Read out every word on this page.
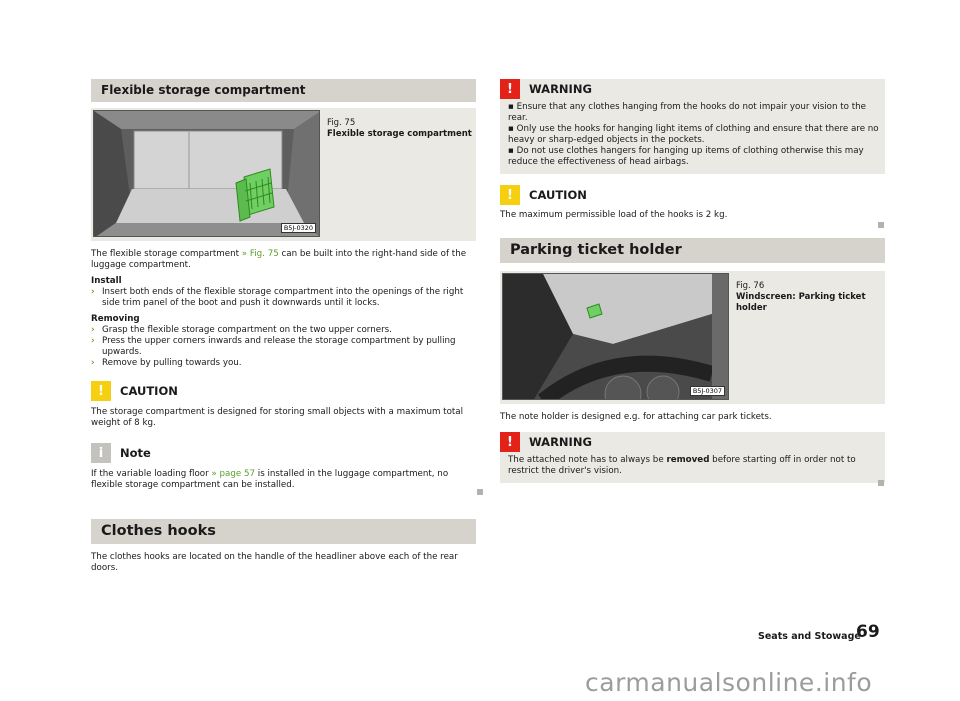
Flexible storage compartment
B5J-0320
Fig. 75
Flexible storage compartment

The flexible storage compartment » Fig. 75 can be built into the right-hand side of the luggage compartment.

Install
› Insert both ends of the flexible storage compartment into the openings of the right side trim panel of the boot and push it downwards until it locks.
Removing
› Grasp the flexible storage compartment on the two upper corners.
› Press the upper corners inwards and release the storage compartment by pulling upwards.
› Remove by pulling towards you.
!	CAUTION

The storage compartment is designed for storing small objects with a maximum total weight of 8 kg.

i	Note

If the variable loading floor » page 57 is installed in the luggage compartment, no flexible storage compartment can be installed.

Clothes hooks

The clothes hooks are located on the handle of the headliner above each of the rear doors.

!	WARNING

▪ Ensure that any clothes hanging from the hooks do not impair your vision to the rear.

▪ Only use the hooks for hanging light items of clothing and ensure that there are no heavy or sharp-edged objects in the pockets.

▪ Do not use clothes hangers for hanging up items of clothing otherwise this may reduce the effectiveness of head airbags.

!	CAUTION

The maximum permissible load of the hooks is 2 kg.

Parking ticket holder
B5J-0307
Fig. 76
Windscreen: Parking ticket holder

The note holder is designed e.g. for attaching car park tickets.

!	WARNING

The attached note has to always be removed before starting off in order not to restrict the driver's vision.

Seats and Stowage
69
carmanualsonline.info
